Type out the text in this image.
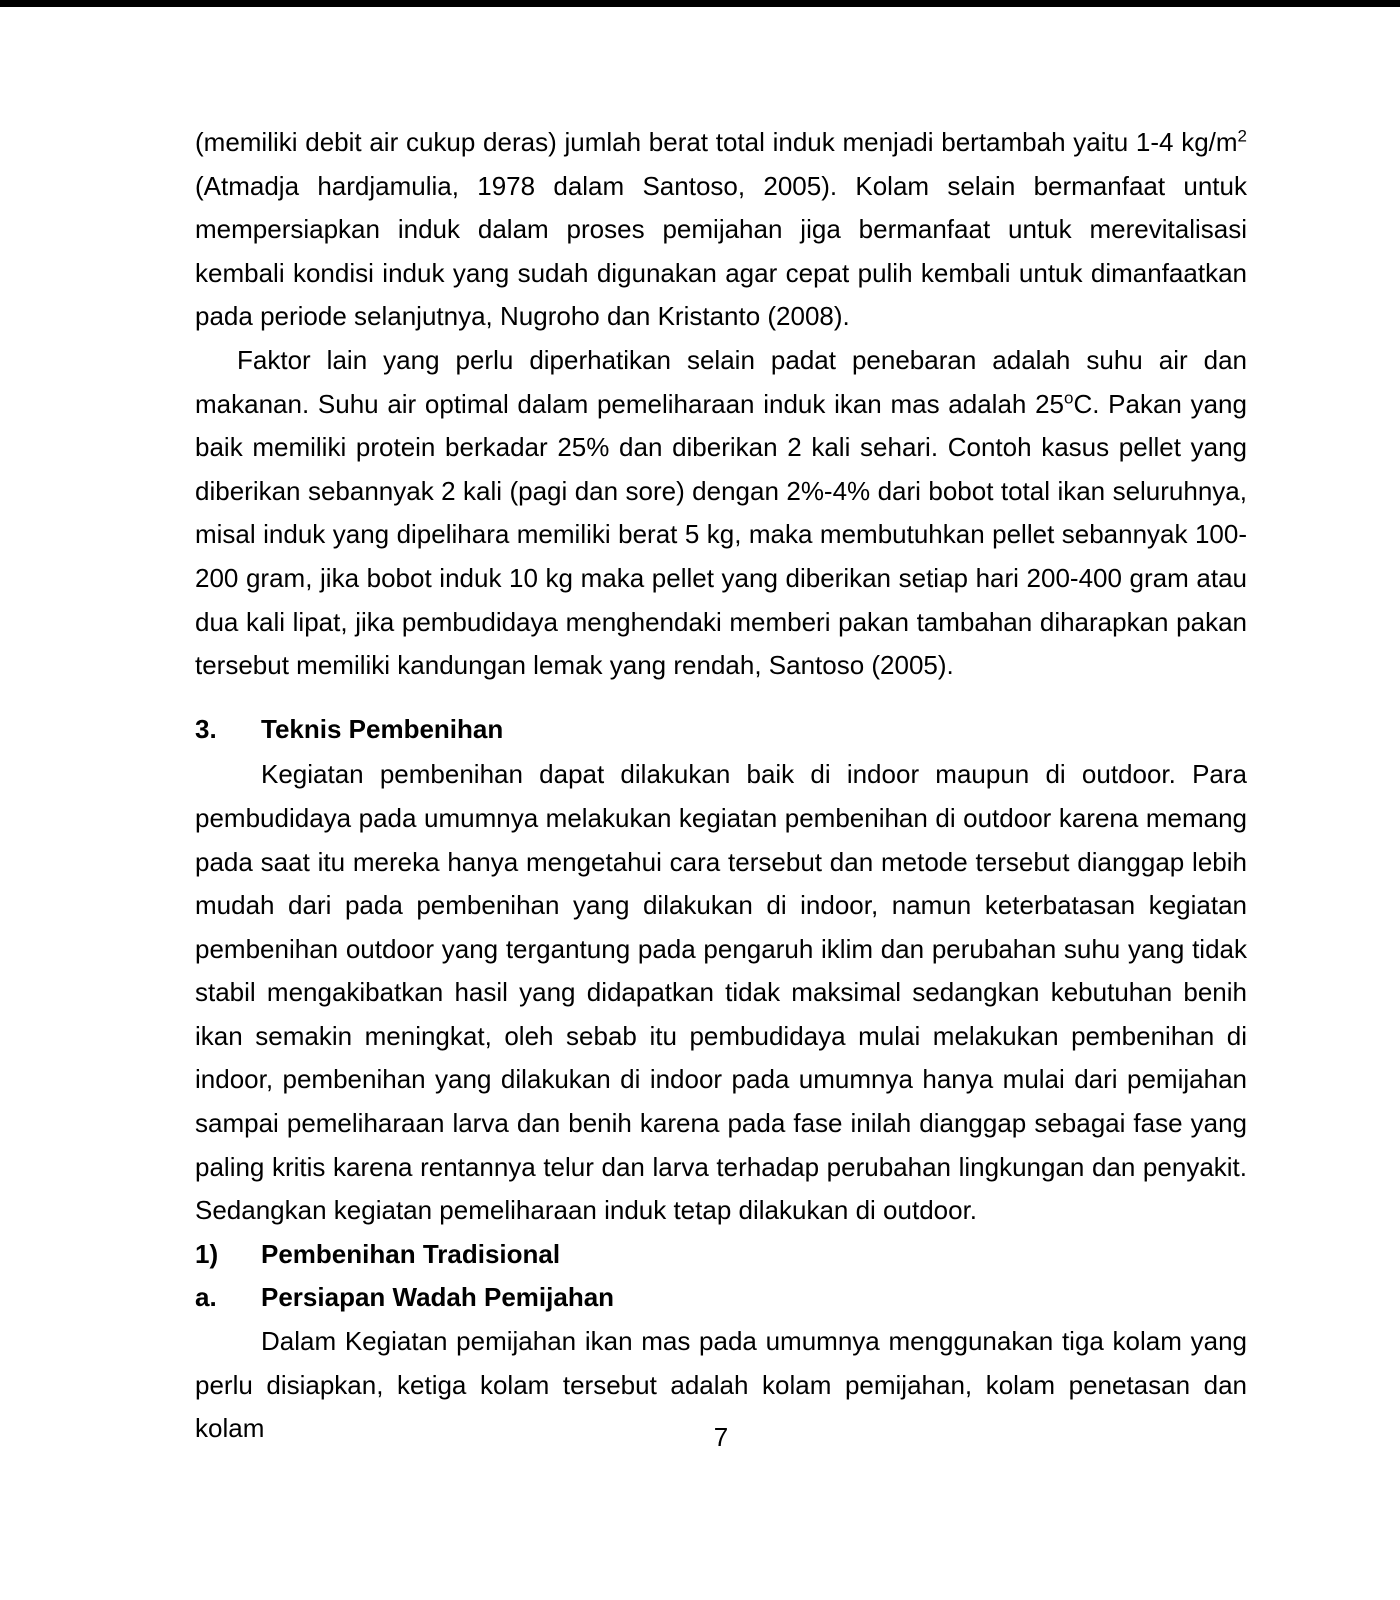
(memiliki debit air cukup deras) jumlah berat total induk menjadi bertambah yaitu 1-4 $kg/m^2$ (Atmadja hardjamulia, 1978 dalam Santoso, 2005). Kolam selain bermanfaat untuk mempersiapkan induk dalam proses pemijahan jiga bermanfaat untuk merevitalisasi kembali kondisi induk yang sudah digunakan agar cepat pulih kembali untuk dimanfaatkan pada periode selanjutnya, Nugroho dan Kristanto (2008).

Faktor lain yang perlu diperhatikan selain padat penebaran adalah suhu air dan makanan. Suhu air optimal dalam pemeliharaan induk ikan mas adalah 25$^o$C. Pakan yang baik memiliki protein berkadar 25% dan diberikan 2 kali sehari. Contoh kasus pellet yang diberikan sebannyak 2 kali (pagi dan sore) dengan 2%-4% dari bobot total ikan seluruhnya, misal induk yang dipelihara memiliki berat 5 kg, maka membutuhkan pellet sebannyak 100-200 gram, jika bobot induk 10 kg maka pellet yang diberikan setiap hari 200-400 gram atau dua kali lipat, jika pembudidaya menghendaki memberi pakan tambahan diharapkan pakan tersebut memiliki kandungan lemak yang rendah, Santoso (2005).

3.	Teknis Pembenihan

Kegiatan pembenihan dapat dilakukan baik di indoor maupun di outdoor. Para pembudidaya pada umumnya melakukan kegiatan pembenihan di outdoor karena memang pada saat itu mereka hanya mengetahui cara tersebut dan metode tersebut dianggap lebih mudah dari pada pembenihan yang dilakukan di indoor, namun keterbatasan kegiatan pembenihan outdoor yang tergantung pada pengaruh iklim dan perubahan suhu yang tidak stabil mengakibatkan hasil yang didapatkan tidak maksimal sedangkan kebutuhan benih ikan semakin meningkat, oleh sebab itu pembudidaya mulai melakukan pembenihan di indoor, pembenihan yang dilakukan di indoor pada umumnya hanya mulai dari pemijahan sampai pemeliharaan larva dan benih karena pada fase inilah dianggap sebagai fase yang paling kritis karena rentannya telur dan larva terhadap perubahan lingkungan dan penyakit. Sedangkan kegiatan pemeliharaan induk tetap dilakukan di outdoor.

1)	Pembenihan Tradisional
a.	Persiapan Wadah Pemijahan

Dalam Kegiatan pemijahan ikan mas pada umumnya menggunakan tiga kolam yang perlu disiapkan, ketiga kolam tersebut adalah kolam pemijahan, kolam penetasan dan kolam	7
